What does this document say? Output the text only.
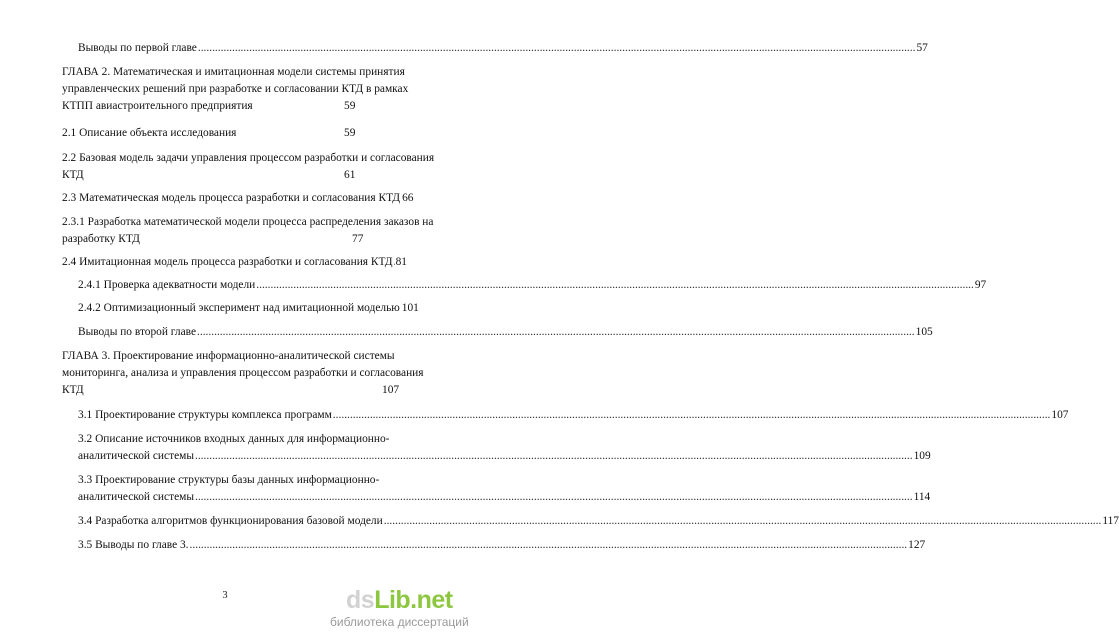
Выводы по первой главе .....	57
ГЛАВА 2. Математическая и имитационная модели системы принятия
управленческих решений при разработке и согласовании КТД в рамках
КТПП авиастроительного предприятия	59
2.1 Описание объекта исследования	59
2.2 Базовая модель задачи управления процессом разработки и согласования
КТД	61
2.3 Математическая модель процесса разработки и согласования КТД 66
2.3.1 Разработка математической модели процесса распределения заказов на
разработку КТД	77
2.4 Имитационная модель процесса разработки и согласования КТД ..... 81
2.4.1 Проверка адекватности модели .....	97
2.4.2 Оптимизационный эксперимент над имитационной моделью 101
Выводы по второй главе .....	105
ГЛАВА 3. Проектирование информационно-аналитической системы
мониторинга, анализа и управления процессом разработки и согласования
КТД	107
3.1 Проектирование структуры комплекса программ .....	107
3.2 Описание источников входных данных для информационно-
аналитической системы .....	109
3.3 Проектирование структуры базы данных информационно-
аналитической системы .....	114
3.4 Разработка алгоритмов функционирования базовой модели .....	117
3.5 Выводы по главе 3. .....	127
3	dsLib.net
библиотека диссертаций
